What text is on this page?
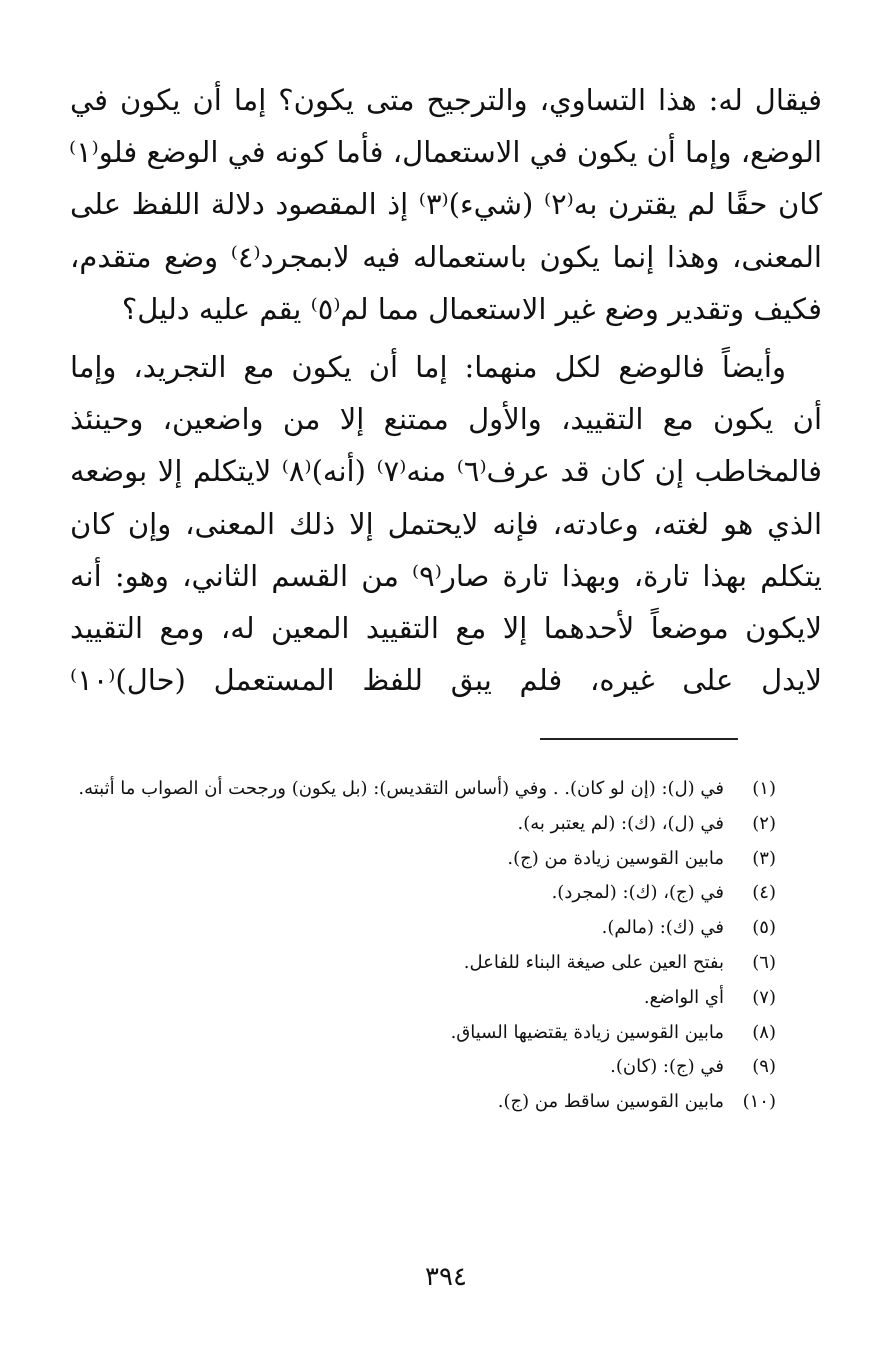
فيقال له: هذا التساوي، والترجيح متى يكون؟ إما أن يكون في
الوضع، وإما أن يكون في الاستعمال، فأما كونه في الوضع فلو⁽١⁾
كان حقًا لم يقترن به⁽٢⁾ (شيء)⁽٣⁾ إذ المقصود دلالة اللفظ على
المعنى، وهذا إنما يكون باستعماله فيه لابمجرد⁽٤⁾ وضع متقدم،
فكيف وتقدير وضع غير الاستعمال مما لم⁽٥⁾ يقم عليه دليل؟
وأيضاً فالوضع لكل منهما: إما أن يكون مع التجريد، وإما
أن يكون مع التقييد، والأول ممتنع إلا من واضعين، وحينئذ
فالمخاطب إن كان قد عرف⁽٦⁾ منه⁽٧⁾ (أنه)⁽٨⁾ لايتكلم إلا بوضعه
الذي هو لغته، وعادته، فإنه لايحتمل إلا ذلك المعنى، وإن كان
يتكلم بهذا تارة، وبهذا تارة صار⁽٩⁾ من القسم الثاني، وهو: أنه
لايكون موضعاً لأحدهما إلا مع التقييد المعين له، ومع التقييد
لايدل على غيره، فلم يبق للفظ المستعمل (حال)⁽١٠⁾
(١)
في (ل): (إن لو كان). . وفي (أساس التقديس): (بل يكون) ورجحت أن الصواب ما أثبته.
(٢)
في (ل)، (ك): (لم يعتبر به).
(٣)
مابين القوسين زيادة من (ج).
(٤)
في (ج)، (ك): (لمجرد).
(٥)
في (ك): (مالم).
(٦)
بفتح العين على صيغة البناء للفاعل.
(٧)
أي الواضع.
(٨)
مابين القوسين زيادة يقتضيها السياق.
(٩)
في (ج): (كان).
(١٠)
مابين القوسين ساقط من (ج).
٣٩٤
